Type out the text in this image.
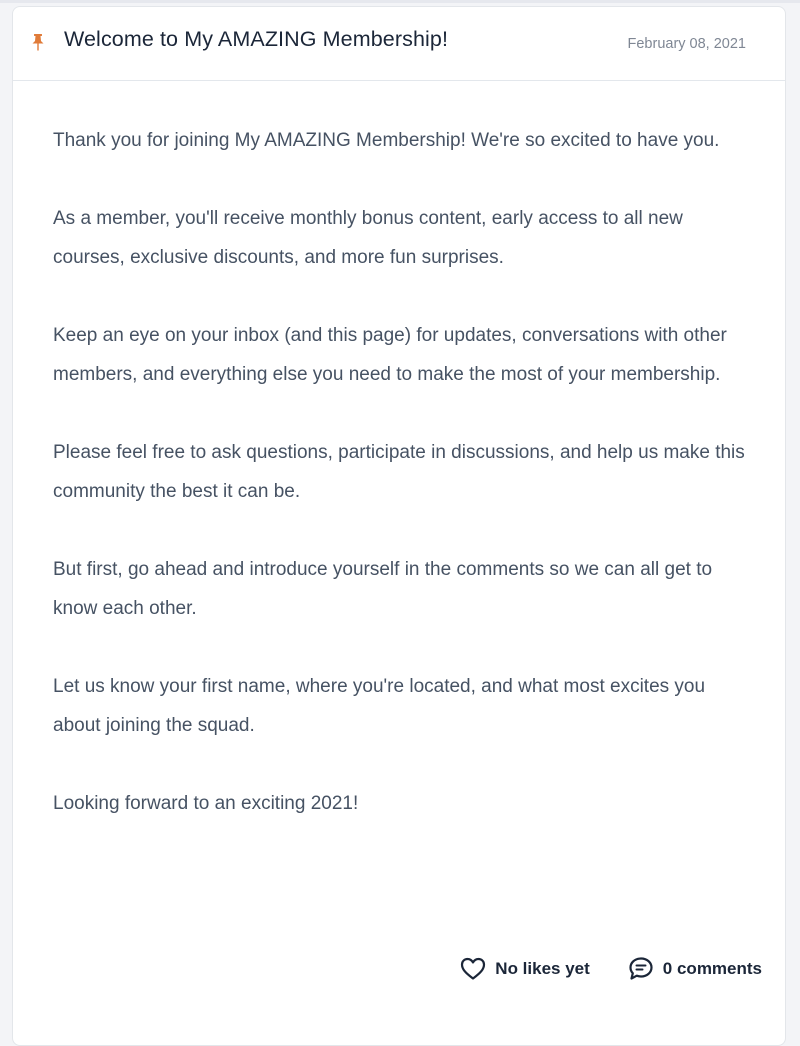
Welcome to My AMAZING Membership!	February 08, 2021

Thank you for joining My AMAZING Membership! We're so excited to have you.

As a member, you'll receive monthly bonus content, early access to all new courses, exclusive discounts, and more fun surprises.

Keep an eye on your inbox (and this page) for updates, conversations with other members, and everything else you need to make the most of your membership.

Please feel free to ask questions, participate in discussions, and help us make this community the best it can be.

But first, go ahead and introduce yourself in the comments so we can all get to know each other.

Let us know your first name, where you're located, and what most excites you about joining the squad.

Looking forward to an exciting 2021!

No likes yet	0 comments
